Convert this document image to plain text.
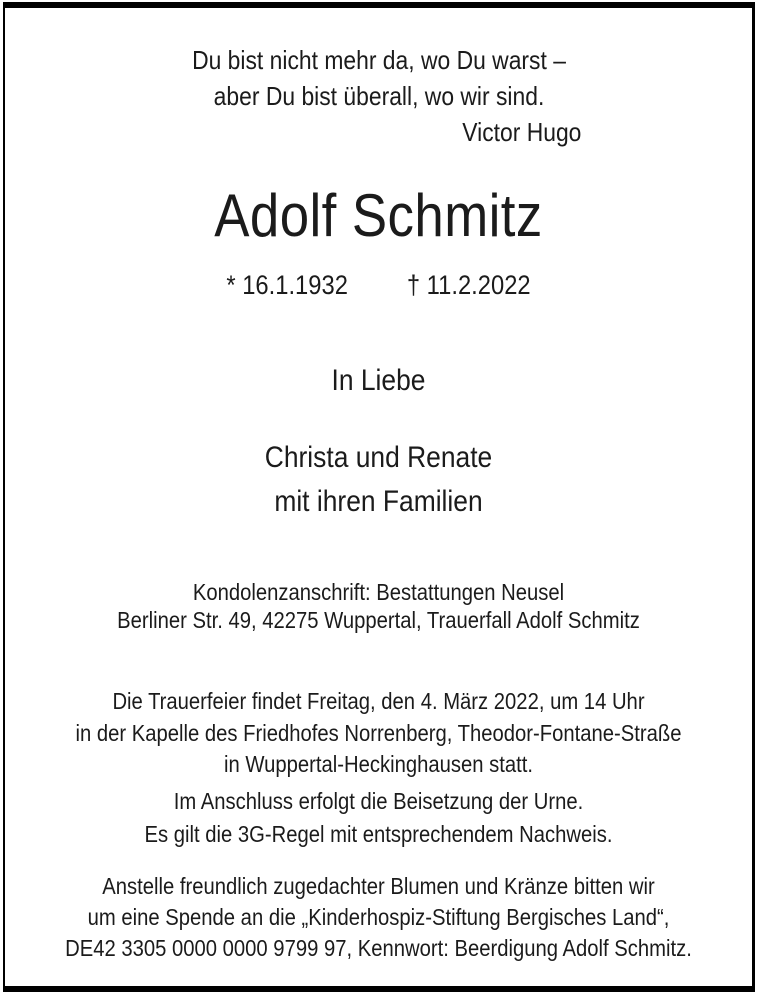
Du bist nicht mehr da, wo Du warst –
aber Du bist überall, wo wir sind.
Victor Hugo
Adolf Schmitz
* 16.1.1932 † 11.2.2022
In Liebe
Christa und Renate
mit ihren Familien
Kondolenzanschrift: Bestattungen Neusel
Berliner Str. 49, 42275 Wuppertal, Trauerfall Adolf Schmitz
Die Trauerfeier findet Freitag, den 4. März 2022, um 14 Uhr
in der Kapelle des Friedhofes Norrenberg, Theodor-Fontane-Straße
in Wuppertal-Heckinghausen statt.
Im Anschluss erfolgt die Beisetzung der Urne.
Es gilt die 3G-Regel mit entsprechendem Nachweis.
Anstelle freundlich zugedachter Blumen und Kränze bitten wir
um eine Spende an die „Kinderhospiz-Stiftung Bergisches Land“,
DE42 3305 0000 0000 9799 97, Kennwort: Beerdigung Adolf Schmitz.
